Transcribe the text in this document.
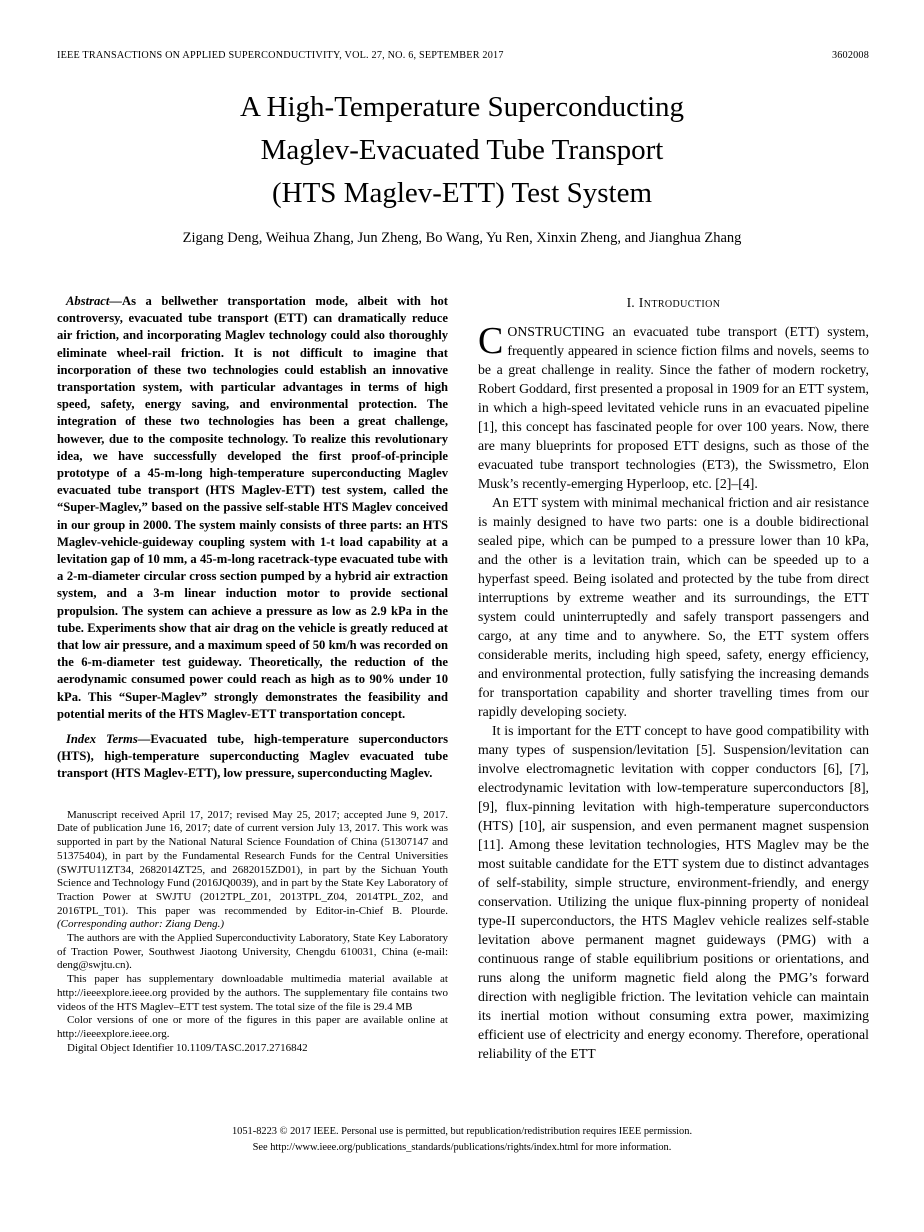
IEEE TRANSACTIONS ON APPLIED SUPERCONDUCTIVITY, VOL. 27, NO. 6, SEPTEMBER 2017	3602008
A High-Temperature Superconducting
Maglev-Evacuated Tube Transport
(HTS Maglev-ETT) Test System
Zigang Deng, Weihua Zhang, Jun Zheng, Bo Wang, Yu Ren, Xinxin Zheng, and Jianghua Zhang

Abstract—As a bellwether transportation mode, albeit with hot controversy, evacuated tube transport (ETT) can dramatically reduce air friction, and incorporating Maglev technology could also thoroughly eliminate wheel-rail friction. It is not difficult to imagine that incorporation of these two technologies could establish an innovative transportation system, with particular advantages in terms of high speed, safety, energy saving, and environmental protection. The integration of these two technologies has been a great challenge, however, due to the composite technology. To realize this revolutionary idea, we have successfully developed the first proof-of-principle prototype of a 45-m-long high-temperature superconducting Maglev evacuated tube transport (HTS Maglev-ETT) test system, called the “Super-Maglev,” based on the passive self-stable HTS Maglev conceived in our group in 2000. The system mainly consists of three parts: an HTS Maglev-vehicle-guideway coupling system with 1-t load capability at a levitation gap of 10 mm, a 45-m-long racetrack-type evacuated tube with a 2-m-diameter circular cross section pumped by a hybrid air extraction system, and a 3-m linear induction motor to provide sectional propulsion. The system can achieve a pressure as low as 2.9 kPa in the tube. Experiments show that air drag on the vehicle is greatly reduced at that low air pressure, and a maximum speed of 50 km/h was recorded on the 6-m-diameter test guideway. Theoretically, the reduction of the aerodynamic consumed power could reach as high as to 90% under 10 kPa. This “Super-Maglev” strongly demonstrates the feasibility and potential merits of the HTS Maglev-ETT transportation concept.

Index Terms—Evacuated tube, high-temperature superconductors (HTS), high-temperature superconducting Maglev evacuated tube transport (HTS Maglev-ETT), low pressure, superconducting Maglev.

Manuscript received April 17, 2017; revised May 25, 2017; accepted June 9, 2017. Date of publication June 16, 2017; date of current version July 13, 2017. This work was supported in part by the National Natural Science Foundation of China (51307147 and 51375404), in part by the Fundamental Research Funds for the Central Universities (SWJTU11ZT34, 2682014ZT25, and 2682015ZD01), in part by the Sichuan Youth Science and Technology Fund (2016JQ0039), and in part by the State Key Laboratory of Traction Power at SWJTU (2012TPL_Z01, 2013TPL_Z04, 2014TPL_Z02, and 2016TPL_T01). This paper was recommended by Editor-in-Chief B. Plourde. (Corresponding author: Ziang Deng.)

The authors are with the Applied Superconductivity Laboratory, State Key Laboratory of Traction Power, Southwest Jiaotong University, Chengdu 610031, China (e-mail: deng@swjtu.cn).

This paper has supplementary downloadable multimedia material available at http://ieeexplore.ieee.org provided by the authors. The supplementary file contains two videos of the HTS Maglev–ETT test system. The total size of the file is 29.4 MB

Color versions of one or more of the figures in this paper are available online at http://ieeexplore.ieee.org.

Digital Object Identifier 10.1109/TASC.2017.2716842

I. Introduction

CONSTRUCTING an evacuated tube transport (ETT) system, frequently appeared in science fiction films and novels, seems to be a great challenge in reality. Since the father of modern rocketry, Robert Goddard, first presented a proposal in 1909 for an ETT system, in which a high-speed levitated vehicle runs in an evacuated pipeline [1], this concept has fascinated people for over 100 years. Now, there are many blueprints for proposed ETT designs, such as those of the evacuated tube transport technologies (ET3), the Swissmetro, Elon Musk’s recently-emerging Hyperloop, etc. [2]–[4].

An ETT system with minimal mechanical friction and air resistance is mainly designed to have two parts: one is a double bidirectional sealed pipe, which can be pumped to a pressure lower than 10 kPa, and the other is a levitation train, which can be speeded up to a hyperfast speed. Being isolated and protected by the tube from direct interruptions by extreme weather and its surroundings, the ETT system could uninterruptedly and safely transport passengers and cargo, at any time and to anywhere. So, the ETT system offers considerable merits, including high speed, safety, energy efficiency, and environmental protection, fully satisfying the increasing demands for transportation capability and shorter travelling times from our rapidly developing society.

It is important for the ETT concept to have good compatibility with many types of suspension/levitation [5]. Suspension/levitation can involve electromagnetic levitation with copper conductors [6], [7], electrodynamic levitation with low-temperature superconductors [8], [9], flux-pinning levitation with high-temperature superconductors (HTS) [10], air suspension, and even permanent magnet suspension [11]. Among these levitation technologies, HTS Maglev may be the most suitable candidate for the ETT system due to distinct advantages of self-stability, simple structure, environment-friendly, and energy conservation. Utilizing the unique flux-pinning property of nonideal type-II superconductors, the HTS Maglev vehicle realizes self-stable levitation above permanent magnet guideways (PMG) with a continuous range of stable equilibrium positions or orientations, and runs along the uniform magnetic field along the PMG’s forward direction with negligible friction. The levitation vehicle can maintain its inertial motion without consuming extra power, maximizing efficient use of electricity and energy economy. Therefore, operational reliability of the ETT

1051-8223 © 2017 IEEE. Personal use is permitted, but republication/redistribution requires IEEE permission.
See http://www.ieee.org/publications_standards/publications/rights/index.html for more information.
